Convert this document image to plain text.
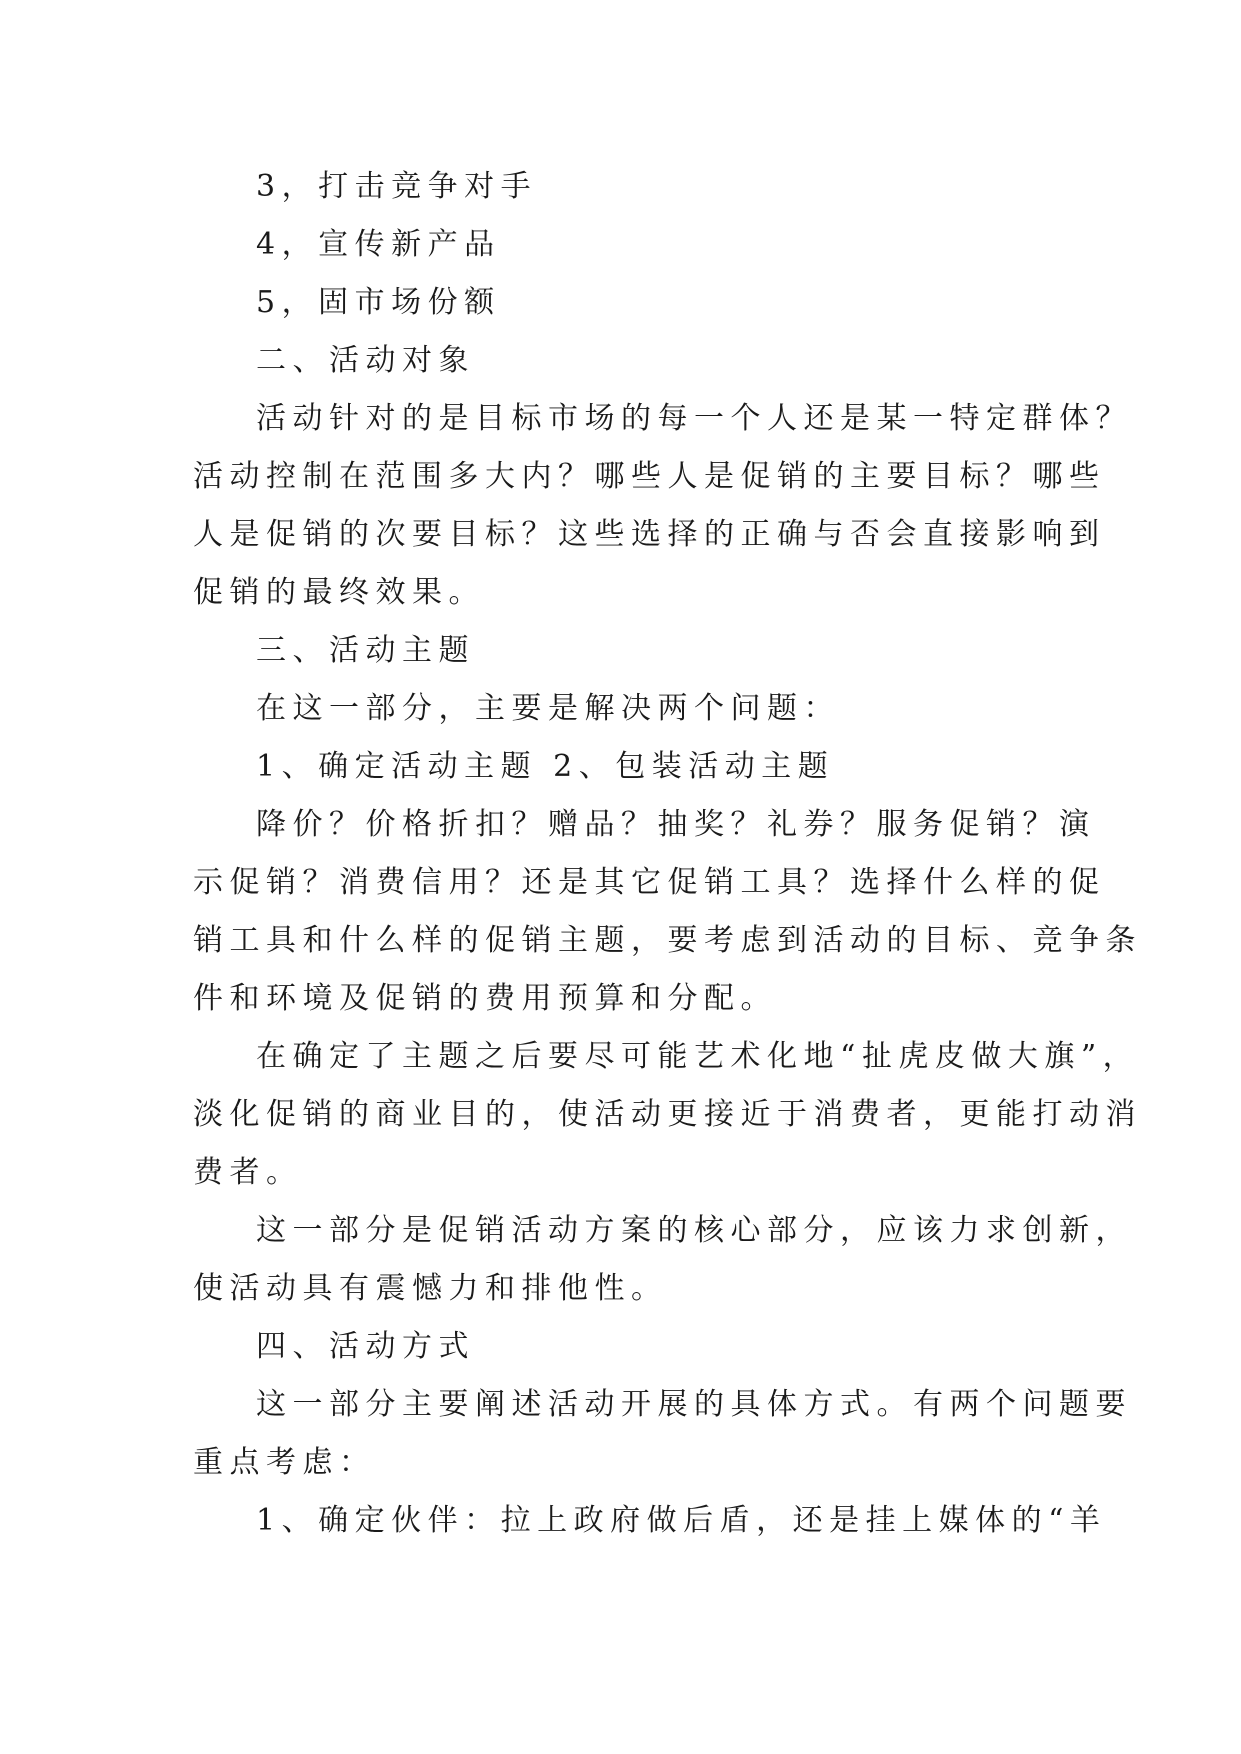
3，打击竞争对手
4，宣传新产品
5，固市场份额
二、活动对象
活动针对的是目标市场的每一个人还是某一特定群体？
活动控制在范围多大内？哪些人是促销的主要目标？哪些
人是促销的次要目标？这些选择的正确与否会直接影响到
促销的最终效果。
三、活动主题
在这一部分，主要是解决两个问题：
1、确定活动主题 2、包装活动主题
降价？价格折扣？赠品？抽奖？礼券？服务促销？演
示促销？消费信用？还是其它促销工具？选择什么样的促
销工具和什么样的促销主题，要考虑到活动的目标、竞争条
件和环境及促销的费用预算和分配。
在确定了主题之后要尽可能艺术化地“扯虎皮做大旗”，
淡化促销的商业目的，使活动更接近于消费者，更能打动消
费者。
这一部分是促销活动方案的核心部分，应该力求创新，
使活动具有震憾力和排他性。
四、活动方式
这一部分主要阐述活动开展的具体方式。有两个问题要
重点考虑：
1、确定伙伴：拉上政府做后盾，还是挂上媒体的“羊
